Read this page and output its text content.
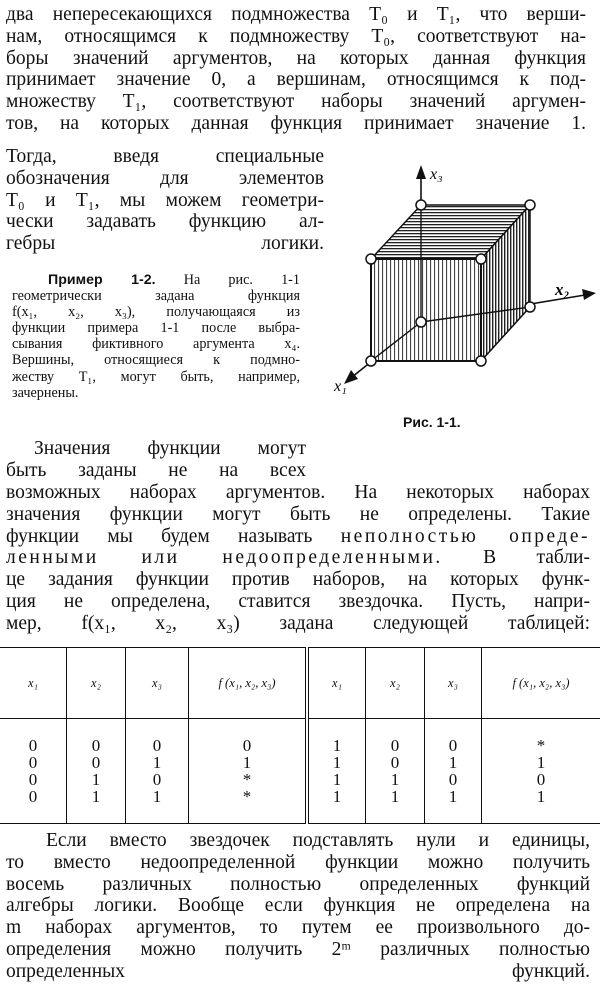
два непересекающихся подмножества T₀ и T₁, что верши-
нам, относящимся к подмножеству T₀, соответствуют на-
боры значений аргументов, на которых данная функция
принимает значение 0, а вершинам, относящимся к под-
множеству T₁, соответствуют наборы значений аргумен-
тов, на которых данная функция принимает значение 1.
Тогда, введя специальные
обозначения для элементов
T₀ и T₁, мы можем геометри-
чески задавать функцию ал-
гебры логики.
Пример 1-2. На рис. 1-1
геометрически задана функция
f(x₁, x₂, x₃), получающаяся из
функции примера 1-1 после выбра-
сывания фиктивного аргумента x₄.
Вершины, относящиеся к подмно-
жеству T₁, могут быть, например,
зачернены.
x₃
x₂
x₁
Рис. 1-1.
Значения функции могут
быть заданы не на всех
возможных наборах аргументов. На некоторых наборах
значения функции могут быть не определены. Такие
функции мы будем называть неполностью опреде-
ленными или недоопределенными. В табли-
це задания функции против наборов, на которых функ-
ция не определена, ставится звездочка. Пусть, напри-
мер, f(x₁, x₂, x₃) задана следующей таблицей:
x₁	x₂	x₃	f (x₁, x₂, x₃)	x₁	x₂	x₃	f (x₁, x₂, x₃)
0	0	0	0	1	0	0	*
0	0	1	1	1	0	1	1
0	1	0	*	1	1	0	0
0	1	1	*	1	1	1	1
Если вместо звездочек подставлять нули и единицы,
то вместо недоопределенной функции можно получить
восемь различных полностью определенных функций
алгебры логики. Вообще если функция не определена на
m наборах аргументов, то путем ее произвольного до-
определения можно получить 2ᵐ различных полностью
определенных функций.
